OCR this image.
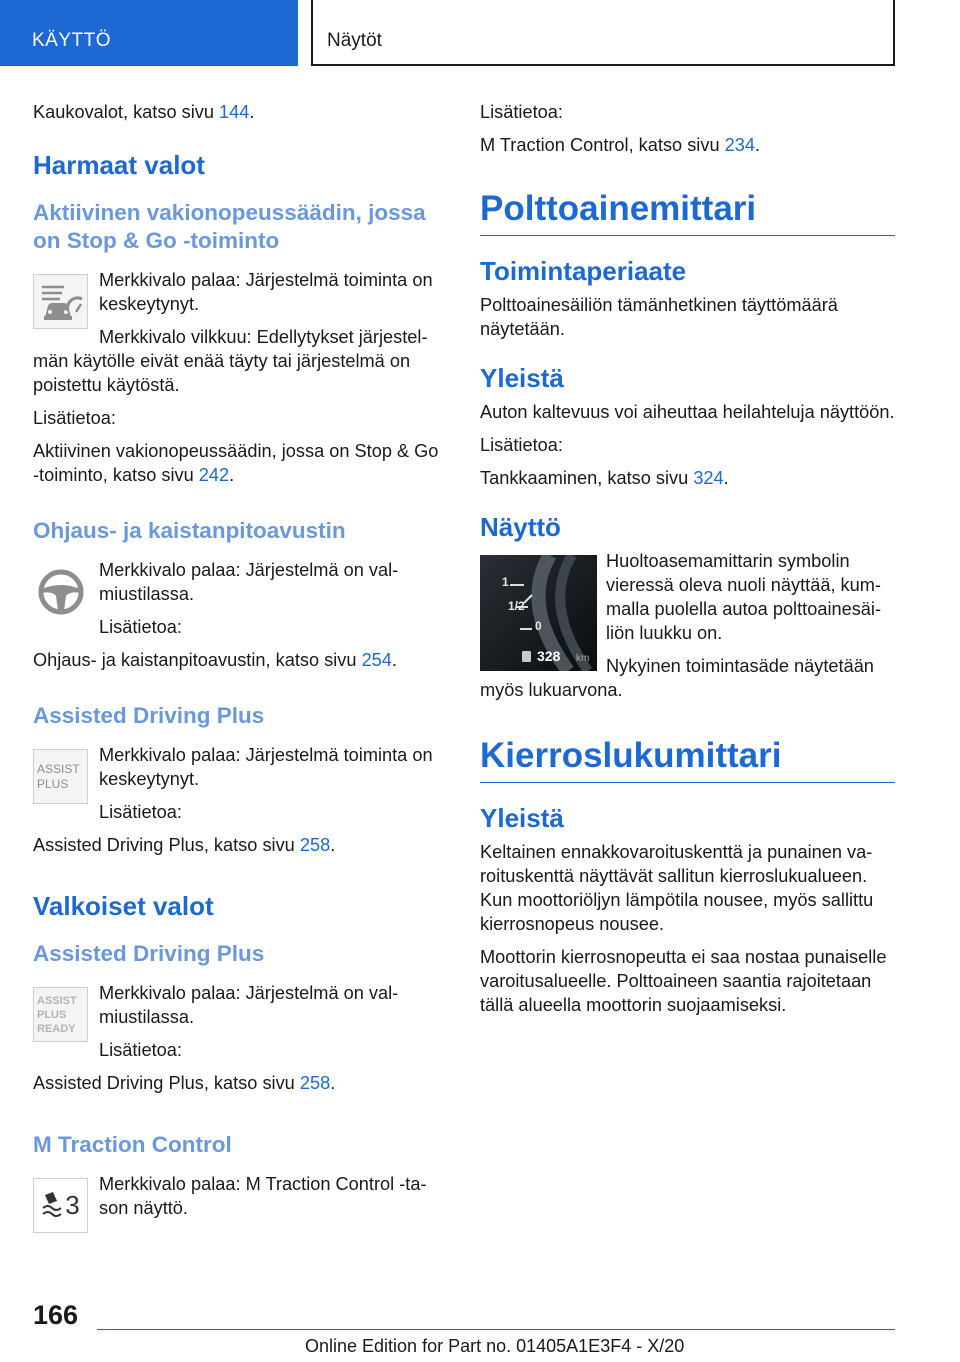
KÄYTTÖ	Näytöt

Kaukovalot, katso sivu 144.

Harmaat valot
Aktiivinen vakionopeussäädin, jossa on Stop & Go -toiminto

Merkkivalo palaa: Järjestelmä toiminta on keskeytynyt.

Merkkivalo vilkkuu: Edellytykset järjestelmän käytölle eivät enää täyty tai järjestelmä on poistettu käytöstä.

Lisätietoa:

Aktiivinen vakionopeussäädin, jossa on Stop & Go -toiminto, katso sivu 242.

Ohjaus- ja kaistanpitoavustin

Merkkivalo palaa: Järjestelmä on valmiustilassa.

Lisätietoa:

Ohjaus- ja kaistanpitoavustin, katso sivu 254.

Assisted Driving Plus
ASSIST
PLUS

Merkkivalo palaa: Järjestelmä toiminta on keskeytynyt.

Lisätietoa:

Assisted Driving Plus, katso sivu 258.

Valkoiset valot
Assisted Driving Plus
ASSIST
PLUS
READY

Merkkivalo palaa: Järjestelmä on valmiustilassa.

Lisätietoa:

Assisted Driving Plus, katso sivu 258.

M Traction Control
3

Merkkivalo palaa: M Traction Control -tason näyttö.

Lisätietoa:

M Traction Control, katso sivu 234.

Polttoainemittari
Toimintaperiaate

Polttoainesäiliön tämänhetkinen täyttömäärä näytetään.

Yleistä

Auton kaltevuus voi aiheuttaa heilahteluja näyttöön.

Lisätietoa:

Tankkaaminen, katso sivu 324.

Näyttö
1
1/2
0
328 km

Huoltoasemamittarin symbolin vieressä oleva nuoli näyttää, kummalla puolella autoa polttoainesäiliön luukku on.

Nykyinen toimintasäde näytetään myös lukuarvona.

Kierroslukumittari
Yleistä

Keltainen ennakkovaroituskenttä ja punainen varoituskenttä näyttävät sallitun kierroslukualueen. Kun moottoriöljyn lämpötila nousee, myös sallittu kierrosnopeus nousee.

Moottorin kierrosnopeutta ei saa nostaa punaiselle varoitusalueelle. Polttoaineen saantia rajoitetaan tällä alueella moottorin suojaamiseksi.

166
Online Edition for Part no. 01405A1E3F4 - X/20
